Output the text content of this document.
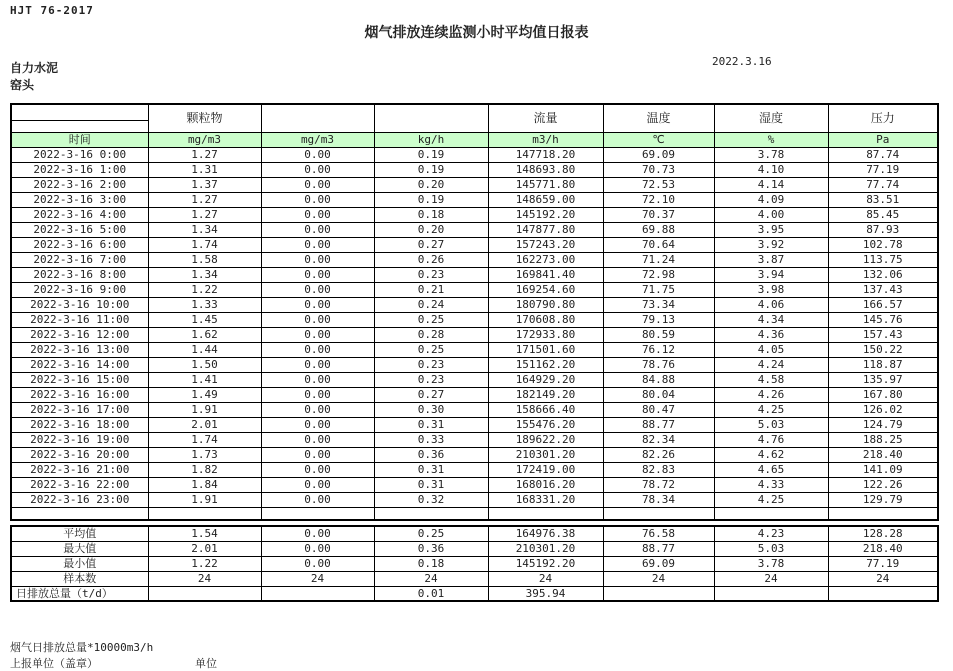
HJT 76-2017
烟气排放连续监测小时平均值日报表
自力水泥
窑头
2022.3.16
	颗粒物			流量	温度	湿度	压力

时间	mg/m3	mg/m3	kg/h	m3/h	℃	%	Pa
2022-3-16 0:00	1.27	0.00	0.19	147718.20	69.09	3.78	87.74
2022-3-16 1:00	1.31	0.00	0.19	148693.80	70.73	4.10	77.19
2022-3-16 2:00	1.37	0.00	0.20	145771.80	72.53	4.14	77.74
2022-3-16 3:00	1.27	0.00	0.19	148659.00	72.10	4.09	83.51
2022-3-16 4:00	1.27	0.00	0.18	145192.20	70.37	4.00	85.45
2022-3-16 5:00	1.34	0.00	0.20	147877.80	69.88	3.95	87.93
2022-3-16 6:00	1.74	0.00	0.27	157243.20	70.64	3.92	102.78
2022-3-16 7:00	1.58	0.00	0.26	162273.00	71.24	3.87	113.75
2022-3-16 8:00	1.34	0.00	0.23	169841.40	72.98	3.94	132.06
2022-3-16 9:00	1.22	0.00	0.21	169254.60	71.75	3.98	137.43
2022-3-16 10:00	1.33	0.00	0.24	180790.80	73.34	4.06	166.57
2022-3-16 11:00	1.45	0.00	0.25	170608.80	79.13	4.34	145.76
2022-3-16 12:00	1.62	0.00	0.28	172933.80	80.59	4.36	157.43
2022-3-16 13:00	1.44	0.00	0.25	171501.60	76.12	4.05	150.22
2022-3-16 14:00	1.50	0.00	0.23	151162.20	78.76	4.24	118.87
2022-3-16 15:00	1.41	0.00	0.23	164929.20	84.88	4.58	135.97
2022-3-16 16:00	1.49	0.00	0.27	182149.20	80.04	4.26	167.80
2022-3-16 17:00	1.91	0.00	0.30	158666.40	80.47	4.25	126.02
2022-3-16 18:00	2.01	0.00	0.31	155476.20	88.77	5.03	124.79
2022-3-16 19:00	1.74	0.00	0.33	189622.20	82.34	4.76	188.25
2022-3-16 20:00	1.73	0.00	0.36	210301.20	82.26	4.62	218.40
2022-3-16 21:00	1.82	0.00	0.31	172419.00	82.83	4.65	141.09
2022-3-16 22:00	1.84	0.00	0.31	168016.20	78.72	4.33	122.26
2022-3-16 23:00	1.91	0.00	0.32	168331.20	78.34	4.25	129.79

平均值	1.54	0.00	0.25	164976.38	76.58	4.23	128.28
最大值	2.01	0.00	0.36	210301.20	88.77	5.03	218.40
最小值	1.22	0.00	0.18	145192.20	69.09	3.78	77.19
样本数	24	24	24	24	24	24	24
日排放总量（t/d）			0.01	395.94			
烟气日排放总量*10000m3/h
上报单位（盖章）	单位
